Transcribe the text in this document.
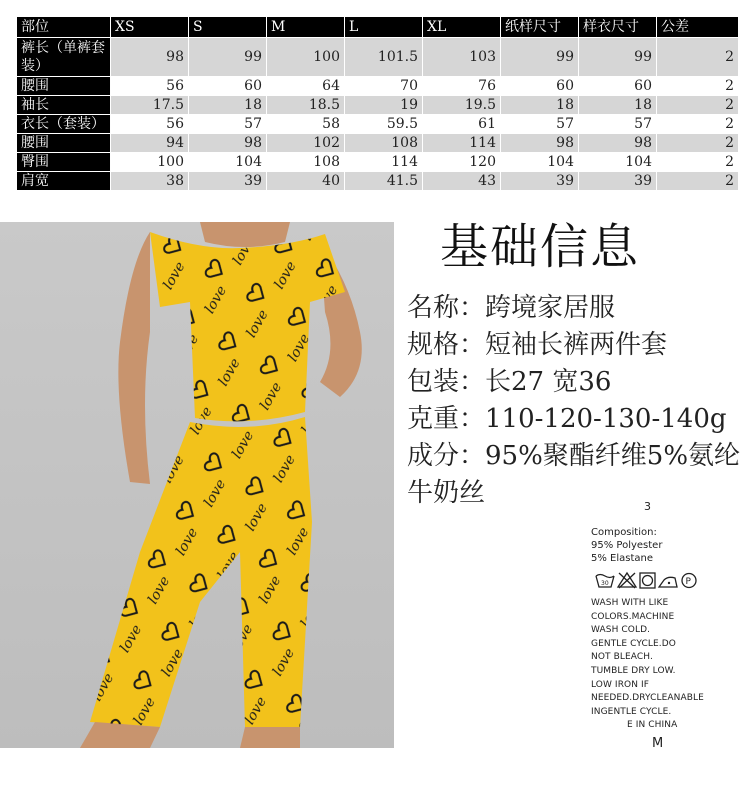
部位	XS	S	M	L	XL	纸样尺寸	样衣尺寸	公差
裤长（单裤套装）	98	99	100	101.5	103	99	99	2
腰围	56	60	64	70	76	60	60	2
袖长	17.5	18	18.5	19	19.5	18	18	2
衣长（套装）	56	57	58	59.5	61	57	57	2
腰围	94	98	102	108	114	98	98	2
臀围	100	104	108	114	120	104	104	2
肩宽	38	39	40	41.5	43	39	39	2
基础信息
名称：跨境家居服
规格：短袖长裤两件套
包装：长27 宽36
克重：110-120-130-140g
成分：95%聚酯纤维5%氨纶牛奶丝	3
Composition:
95% Polyester
5% Elastane
30	P
WASH WITH LIKE
COLORS.MACHINE
WASH COLD.
GENTLE CYCLE.DO
NOT BLEACH.
TUMBLE DRY LOW.
LOW IRON IF
NEEDED.DRYCLEANABLE
INGENTLE CYCLE.
E IN CHINA
M
